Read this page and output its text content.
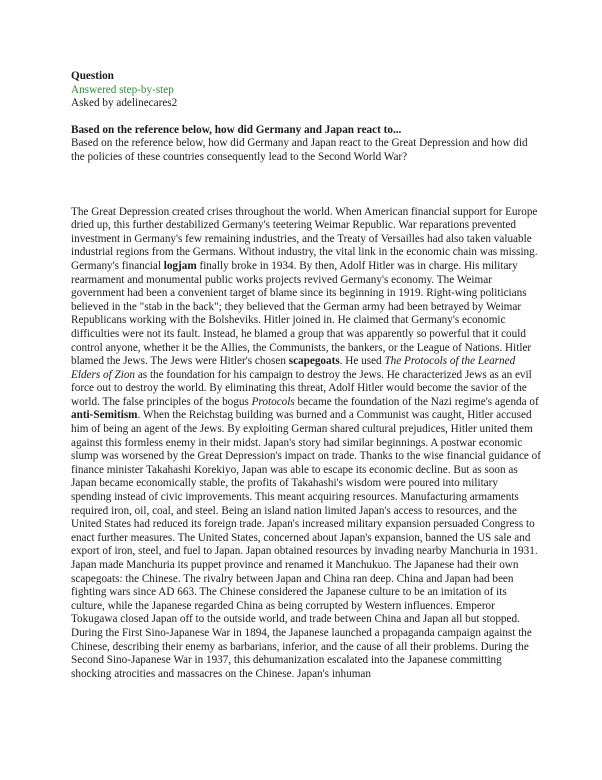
Question
Answered step-by-step
Asked by adelinecares2
Based on the reference below, how did Germany and Japan react to...

Based on the reference below, how did Germany and Japan react to the Great Depression and how did the policies of these countries consequently lead to the Second World War?

The Great Depression created crises throughout the world. When American financial support for Europe dried up, this further destabilized Germany's teetering Weimar Republic. War reparations prevented investment in Germany's few remaining industries, and the Treaty of Versailles had also taken valuable industrial regions from the Germans. Without industry, the vital link in the economic chain was missing. Germany's financial logjam finally broke in 1934. By then, Adolf Hitler was in charge. His military rearmament and monumental public works projects revived Germany's economy. The Weimar government had been a convenient target of blame since its beginning in 1919. Right-wing politicians believed in the "stab in the back"; they believed that the German army had been betrayed by Weimar Republicans working with the Bolsheviks. Hitler joined in. He claimed that Germany's economic difficulties were not its fault. Instead, he blamed a group that was apparently so powerful that it could control anyone, whether it be the Allies, the Communists, the bankers, or the League of Nations. Hitler blamed the Jews. The Jews were Hitler's chosen scapegoats. He used The Protocols of the Learned Elders of Zion as the foundation for his campaign to destroy the Jews. He characterized Jews as an evil force out to destroy the world. By eliminating this threat, Adolf Hitler would become the savior of the world. The false principles of the bogus Protocols became the foundation of the Nazi regime's agenda of anti-Semitism. When the Reichstag building was burned and a Communist was caught, Hitler accused him of being an agent of the Jews. By exploiting German shared cultural prejudices, Hitler united them against this formless enemy in their midst. Japan's story had similar beginnings. A postwar economic slump was worsened by the Great Depression's impact on trade. Thanks to the wise financial guidance of finance minister Takahashi Korekiyo, Japan was able to escape its economic decline. But as soon as Japan became economically stable, the profits of Takahashi's wisdom were poured into military spending instead of civic improvements. This meant acquiring resources. Manufacturing armaments required iron, oil, coal, and steel. Being an island nation limited Japan's access to resources, and the United States had reduced its foreign trade. Japan's increased military expansion persuaded Congress to enact further measures. The United States, concerned about Japan's expansion, banned the US sale and export of iron, steel, and fuel to Japan. Japan obtained resources by invading nearby Manchuria in 1931. Japan made Manchuria its puppet province and renamed it Manchukuo. The Japanese had their own scapegoats: the Chinese. The rivalry between Japan and China ran deep. China and Japan had been fighting wars since AD 663. The Chinese considered the Japanese culture to be an imitation of its culture, while the Japanese regarded China as being corrupted by Western influences. Emperor Tokugawa closed Japan off to the outside world, and trade between China and Japan all but stopped. During the First Sino-Japanese War in 1894, the Japanese launched a propaganda campaign against the Chinese, describing their enemy as barbarians, inferior, and the cause of all their problems. During the Second Sino-Japanese War in 1937, this dehumanization escalated into the Japanese committing shocking atrocities and massacres on the Chinese. Japan's inhuman
